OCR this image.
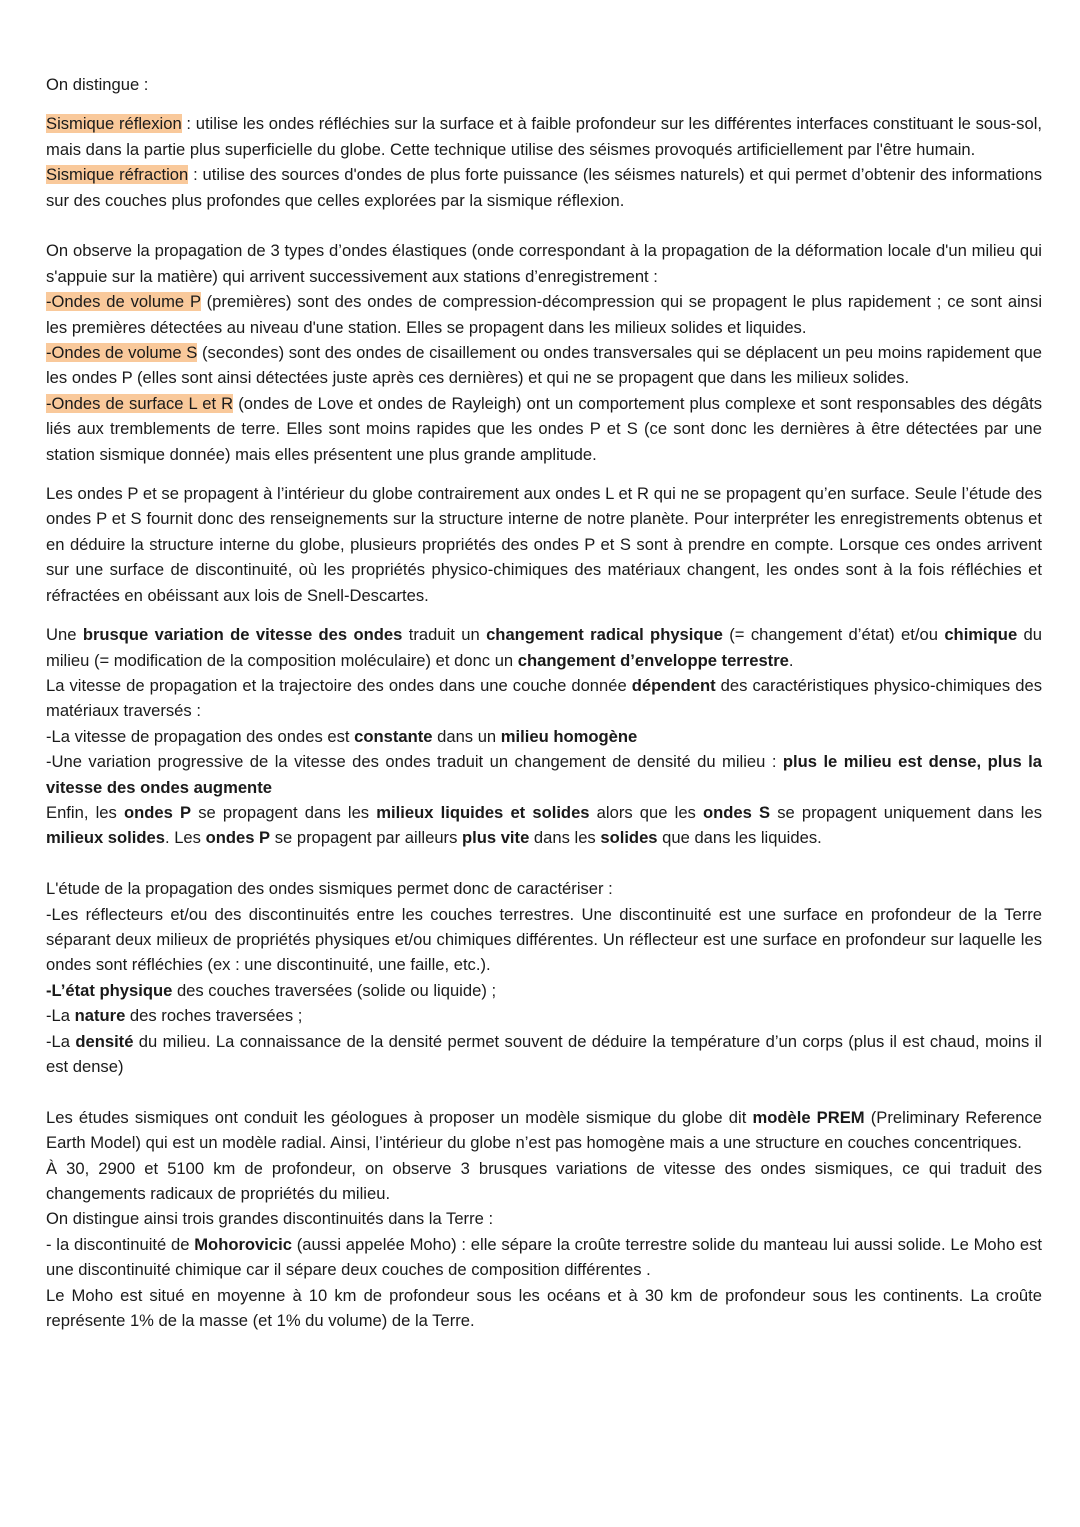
On distingue :

Sismique réflexion : utilise les ondes réfléchies sur la surface et à faible profondeur sur les différentes interfaces constituant le sous-sol, mais dans la partie plus superficielle du globe. Cette technique utilise des séismes provoqués artificiellement par l'être humain.

Sismique réfraction : utilise des sources d'ondes de plus forte puissance (les séismes naturels) et qui permet d’obtenir des informations sur des couches plus profondes que celles explorées par la sismique réflexion.

On observe la propagation de 3 types d’ondes élastiques (onde correspondant à la propagation de la déformation locale d'un milieu qui s'appuie sur la matière) qui arrivent successivement aux stations d’enregistrement :

-Ondes de volume P (premières) sont des ondes de compression-décompression qui se propagent le plus rapidement ; ce sont ainsi les premières détectées au niveau d'une station. Elles se propagent dans les milieux solides et liquides.

-Ondes de volume S (secondes) sont des ondes de cisaillement ou ondes transversales qui se déplacent un peu moins rapidement que les ondes P (elles sont ainsi détectées juste après ces dernières) et qui ne se propagent que dans les milieux solides.

-Ondes de surface L et R (ondes de Love et ondes de Rayleigh) ont un comportement plus complexe et sont responsables des dégâts liés aux tremblements de terre. Elles sont moins rapides que les ondes P et S (ce sont donc les dernières à être détectées par une station sismique donnée) mais elles présentent une plus grande amplitude.

Les ondes P et se propagent à l’intérieur du globe contrairement aux ondes L et R qui ne se propagent qu’en surface. Seule l’étude des ondes P et S fournit donc des renseignements sur la structure interne de notre planète. Pour interpréter les enregistrements obtenus et en déduire la structure interne du globe, plusieurs propriétés des ondes P et S sont à prendre en compte. Lorsque ces ondes arrivent sur une surface de discontinuité, où les propriétés physico-chimiques des matériaux changent, les ondes sont à la fois réfléchies et réfractées en obéissant aux lois de Snell-Descartes.

Une brusque variation de vitesse des ondes traduit un changement radical physique (= changement d’état) et/ou chimique du milieu (= modification de la composition moléculaire) et donc un changement d’enveloppe terrestre.

La vitesse de propagation et la trajectoire des ondes dans une couche donnée dépendent des caractéristiques physico-chimiques des matériaux traversés :

-La vitesse de propagation des ondes est constante dans un milieu homogène

-Une variation progressive de la vitesse des ondes traduit un changement de densité du milieu : plus le milieu est dense, plus la vitesse des ondes augmente

Enfin, les ondes P se propagent dans les milieux liquides et solides alors que les ondes S se propagent uniquement dans les milieux solides. Les ondes P se propagent par ailleurs plus vite dans les solides que dans les liquides.

L'étude de la propagation des ondes sismiques permet donc de caractériser :

-Les réflecteurs et/ou des discontinuités entre les couches terrestres. Une discontinuité est une surface en profondeur de la Terre séparant deux milieux de propriétés physiques et/ou chimiques différentes. Un réflecteur est une surface en profondeur sur laquelle les ondes sont réfléchies (ex : une discontinuité, une faille, etc.).

-L’état physique des couches traversées (solide ou liquide) ;

-La nature des roches traversées ;

-La densité du milieu. La connaissance de la densité permet souvent de déduire la température d’un corps (plus il est chaud, moins il est dense)

Les études sismiques ont conduit les géologues à proposer un modèle sismique du globe dit modèle PREM (Preliminary Reference Earth Model) qui est un modèle radial. Ainsi, l’intérieur du globe n’est pas homogène mais a une structure en couches concentriques.

À 30, 2900 et 5100 km de profondeur, on observe 3 brusques variations de vitesse des ondes sismiques, ce qui traduit des changements radicaux de propriétés du milieu.

On distingue ainsi trois grandes discontinuités dans la Terre :

- la discontinuité de Mohorovicic (aussi appelée Moho) : elle sépare la croûte terrestre solide du manteau lui aussi solide. Le Moho est une discontinuité chimique car il sépare deux couches de composition différentes .

Le Moho est situé en moyenne à 10 km de profondeur sous les océans et à 30 km de profondeur sous les continents. La croûte représente 1% de la masse (et 1% du volume) de la Terre.
